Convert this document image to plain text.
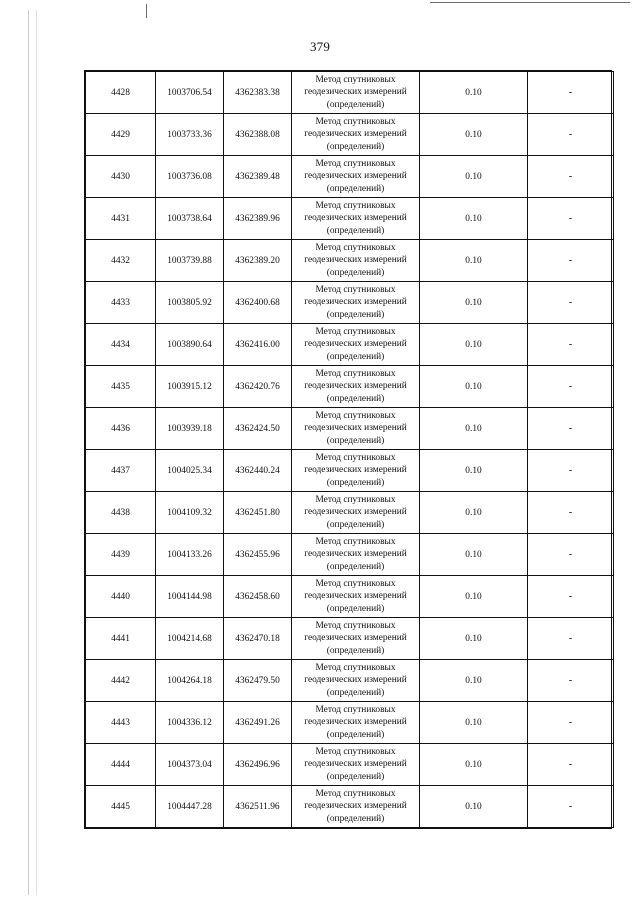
379
4428	1003706.54	4362383.38	Метод спутниковых
геодезических измерений
(определений)	0.10	-
4429	1003733.36	4362388.08	Метод спутниковых
геодезических измерений
(определений)	0.10	-
4430	1003736.08	4362389.48	Метод спутниковых
геодезических измерений
(определений)	0.10	-
4431	1003738.64	4362389.96	Метод спутниковых
геодезических измерений
(определений)	0.10	-
4432	1003739.88	4362389.20	Метод спутниковых
геодезических измерений
(определений)	0.10	-
4433	1003805.92	4362400.68	Метод спутниковых
геодезических измерений
(определений)	0.10	-
4434	1003890.64	4362416.00	Метод спутниковых
геодезических измерений
(определений)	0.10	-
4435	1003915.12	4362420.76	Метод спутниковых
геодезических измерений
(определений)	0.10	-
4436	1003939.18	4362424.50	Метод спутниковых
геодезических измерений
(определений)	0.10	-
4437	1004025.34	4362440.24	Метод спутниковых
геодезических измерений
(определений)	0.10	-
4438	1004109.32	4362451.80	Метод спутниковых
геодезических измерений
(определений)	0.10	-
4439	1004133.26	4362455.96	Метод спутниковых
геодезических измерений
(определений)	0.10	-
4440	1004144.98	4362458.60	Метод спутниковых
геодезических измерений
(определений)	0.10	-
4441	1004214.68	4362470.18	Метод спутниковых
геодезических измерений
(определений)	0.10	-
4442	1004264.18	4362479.50	Метод спутниковых
геодезических измерений
(определений)	0.10	-
4443	1004336.12	4362491.26	Метод спутниковых
геодезических измерений
(определений)	0.10	-
4444	1004373.04	4362496.96	Метод спутниковых
геодезических измерений
(определений)	0.10	-
4445	1004447.28	4362511.96	Метод спутниковых
геодезических измерений
(определений)	0.10	-
